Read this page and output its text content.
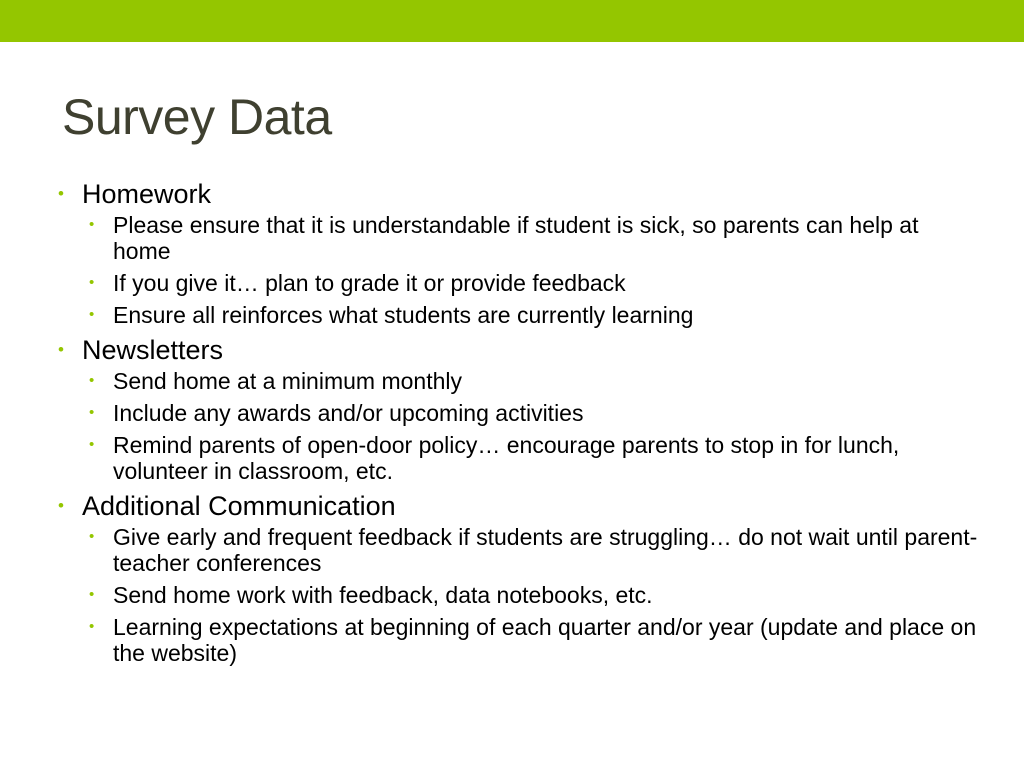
Survey Data
• Homework
• Please ensure that it is understandable if student is sick, so parents can help at home
• If you give it… plan to grade it or provide feedback
• Ensure all reinforces what students are currently learning
• Newsletters
• Send home at a minimum monthly
• Include any awards and/or upcoming activities
• Remind parents of open-door policy… encourage parents to stop in for lunch, volunteer in classroom, etc.
• Additional Communication
• Give early and frequent feedback if students are struggling… do not wait until parent-teacher conferences
• Send home work with feedback, data notebooks, etc.
• Learning expectations at beginning of each quarter and/or year (update and place on the website)
